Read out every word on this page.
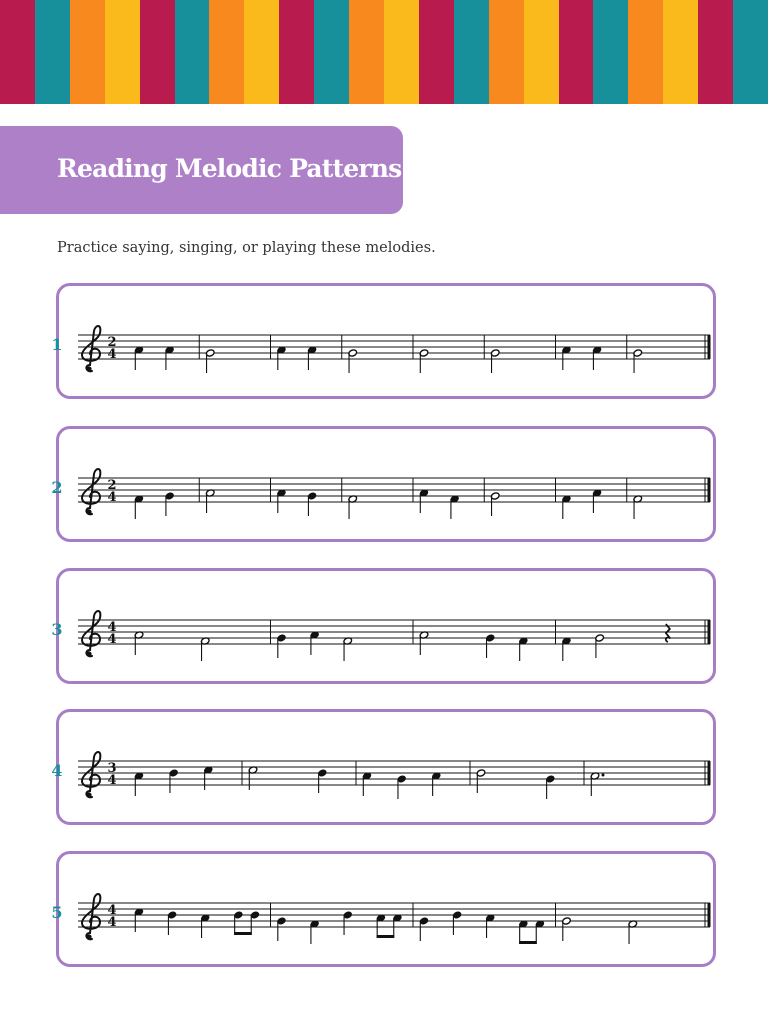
Reading Melodic Patterns
Practice saying, singing, or playing these melodies.
1	2
4
2	2
4
3	4
4
4	3
4
5	4
4
